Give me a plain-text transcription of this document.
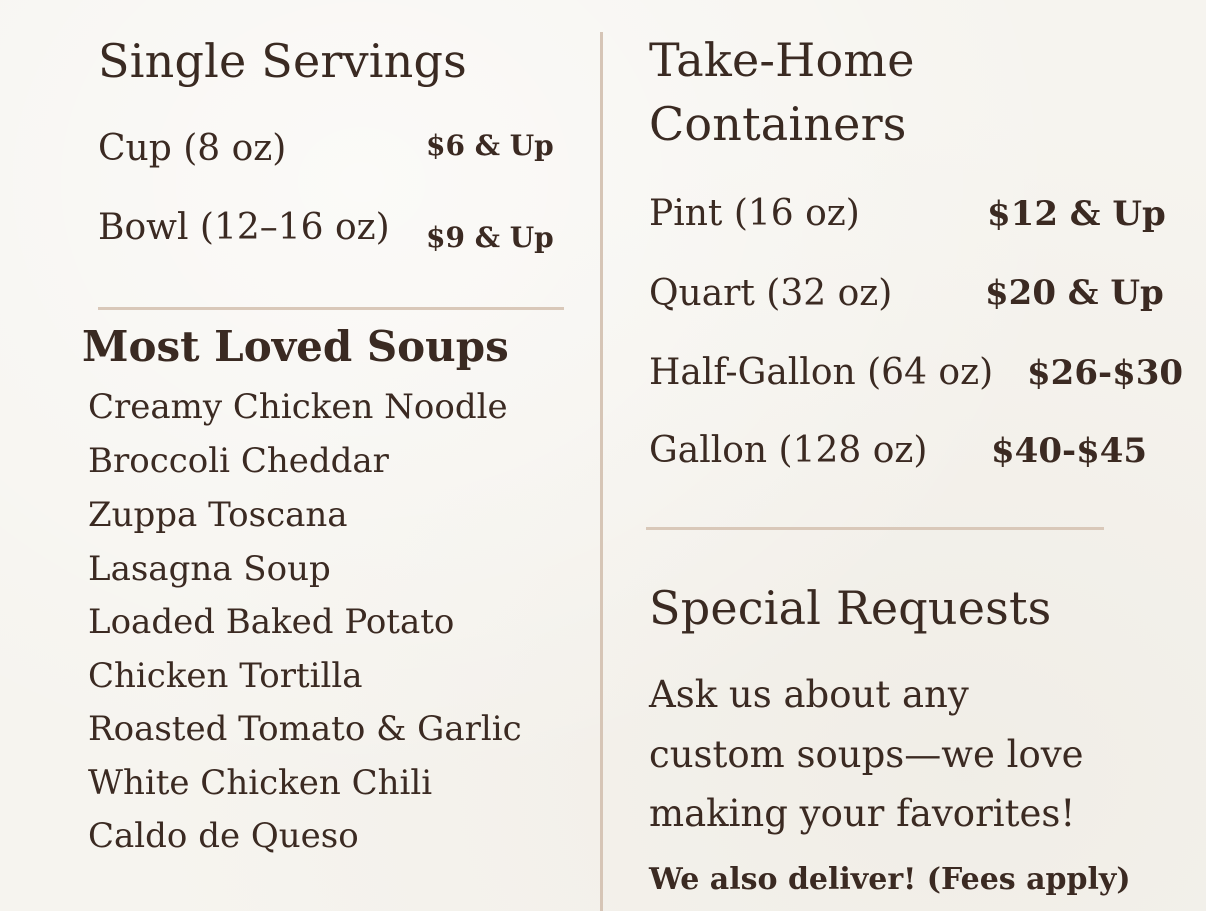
Single Servings
Cup (8 oz)	$6 & Up
Bowl (12–16 oz) $9 & Up
Most Loved Soups
Creamy Chicken Noodle
Broccoli Cheddar
Zuppa Toscana
Lasagna Soup
Loaded Baked Potato
Chicken Tortilla
Roasted Tomato & Garlic
White Chicken Chili
Caldo de Queso
Take-Home
Containers
Pint (16 oz)	$12 & Up
Quart (32 oz)	$20 & Up
Half-Gallon (64 oz) $26-$30
Gallon (128 oz) $40-$45
Special Requests
Ask us about any
custom soups—we love
making your favorites!
We also deliver! (Fees apply)
